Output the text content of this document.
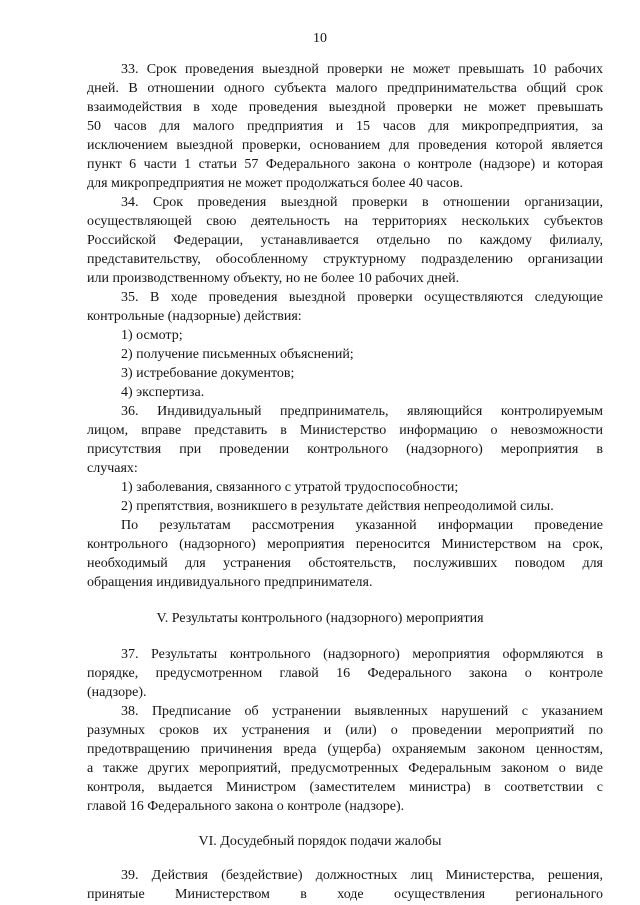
10
33. Срок проведения выездной проверки не может превышать 10 рабочих
дней. В отношении одного субъекта малого предпринимательства общий срок
взаимодействия в ходе проведения выездной проверки не может превышать
50 часов для малого предприятия и 15 часов для микропредприятия, за
исключением выездной проверки, основанием для проведения которой является
пункт 6 части 1 статьи 57 Федерального закона о контроле (надзоре) и которая
для микропредприятия не может продолжаться более 40 часов.
34. Срок проведения выездной проверки в отношении организации,
осуществляющей свою деятельность на территориях нескольких субъектов
Российской Федерации, устанавливается отдельно по каждому филиалу,
представительству, обособленному структурному подразделению организации
или производственному объекту, но не более 10 рабочих дней.
35. В ходе проведения выездной проверки осуществляются следующие
контрольные (надзорные) действия:
1) осмотр;
2) получение письменных объяснений;
3) истребование документов;
4) экспертиза.
36. Индивидуальный предприниматель, являющийся контролируемым
лицом, вправе представить в Министерство информацию о невозможности
присутствия при проведении контрольного (надзорного) мероприятия в
случаях:
1) заболевания, связанного с утратой трудоспособности;
2) препятствия, возникшего в результате действия непреодолимой силы.
По результатам рассмотрения указанной информации проведение
контрольного (надзорного) мероприятия переносится Министерством на срок,
необходимый для устранения обстоятельств, послуживших поводом для
обращения индивидуального предпринимателя.
V. Результаты контрольного (надзорного) мероприятия
37. Результаты контрольного (надзорного) мероприятия оформляются в
порядке, предусмотренном главой 16 Федерального закона о контроле
(надзоре).
38. Предписание об устранении выявленных нарушений с указанием
разумных сроков их устранения и (или) о проведении мероприятий по
предотвращению причинения вреда (ущерба) охраняемым законом ценностям,
а также других мероприятий, предусмотренных Федеральным законом о виде
контроля, выдается Министром (заместителем министра) в соответствии с
главой 16 Федерального закона о контроле (надзоре).
VI. Досудебный порядок подачи жалобы
39. Действия (бездействие) должностных лиц Министерства, решения,
принятые Министерством в ходе осуществления регионального
